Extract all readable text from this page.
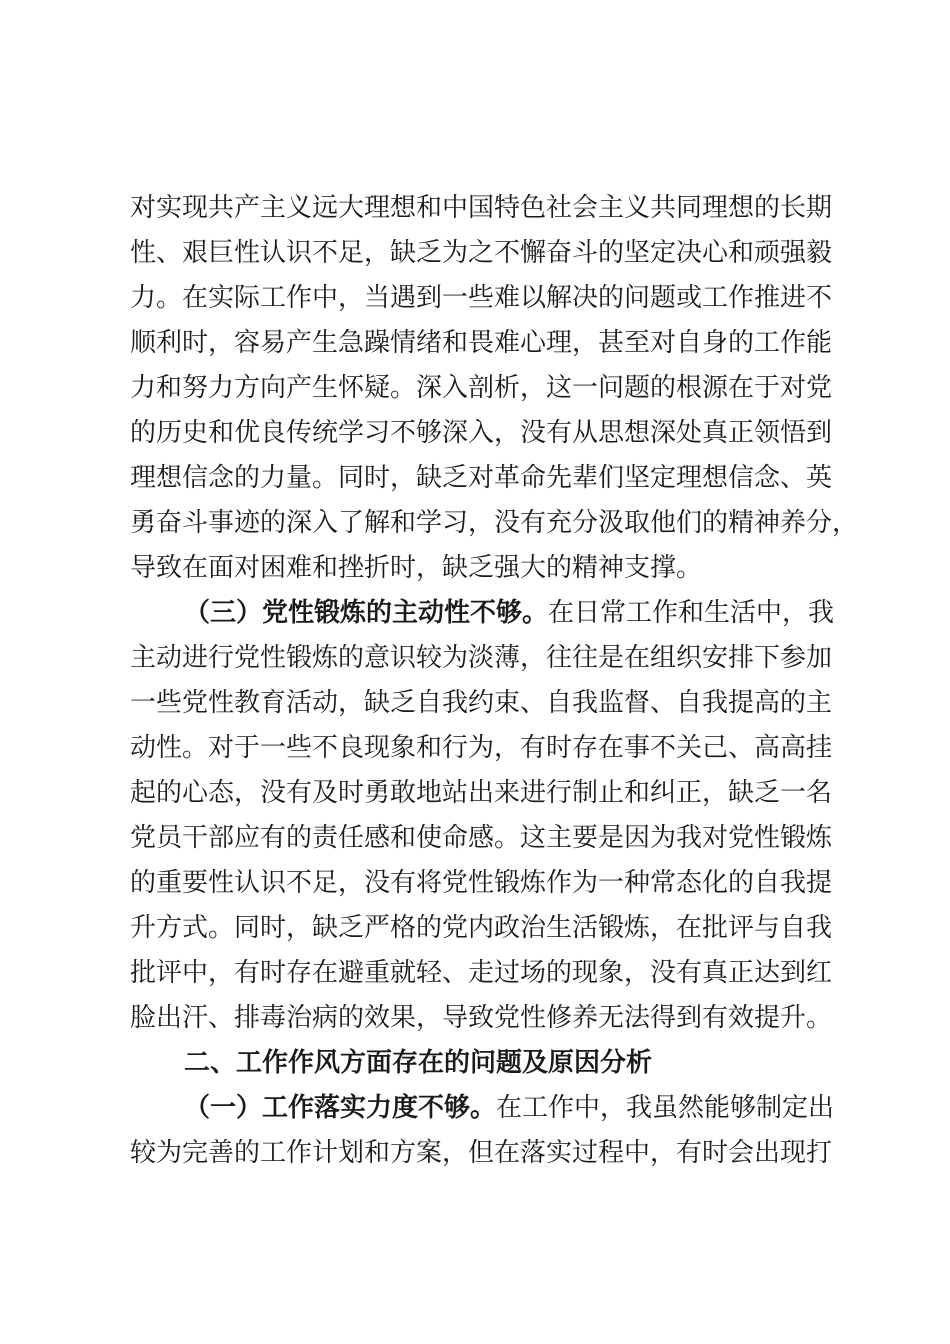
对实现共产主义远大理想和中国特色社会主义共同理想的长期
性、艰巨性认识不足，缺乏为之不懈奋斗的坚定决心和顽强毅
力。在实际工作中，当遇到一些难以解决的问题或工作推进不
顺利时，容易产生急躁情绪和畏难心理，甚至对自身的工作能
力和努力方向产生怀疑。深入剖析，这一问题的根源在于对党
的历史和优良传统学习不够深入，没有从思想深处真正领悟到
理想信念的力量。同时，缺乏对革命先辈们坚定理想信念、英
勇奋斗事迹的深入了解和学习，没有充分汲取他们的精神养分，
导致在面对困难和挫折时，缺乏强大的精神支撑。
（三）党性锻炼的主动性不够。在日常工作和生活中，我
主动进行党性锻炼的意识较为淡薄，往往是在组织安排下参加
一些党性教育活动，缺乏自我约束、自我监督、自我提高的主
动性。对于一些不良现象和行为，有时存在事不关己、高高挂
起的心态，没有及时勇敢地站出来进行制止和纠正，缺乏一名
党员干部应有的责任感和使命感。这主要是因为我对党性锻炼
的重要性认识不足，没有将党性锻炼作为一种常态化的自我提
升方式。同时，缺乏严格的党内政治生活锻炼，在批评与自我
批评中，有时存在避重就轻、走过场的现象，没有真正达到红
脸出汗、排毒治病的效果，导致党性修养无法得到有效提升。
二、工作作风方面存在的问题及原因分析
（一）工作落实力度不够。在工作中，我虽然能够制定出
较为完善的工作计划和方案，但在落实过程中，有时会出现打
